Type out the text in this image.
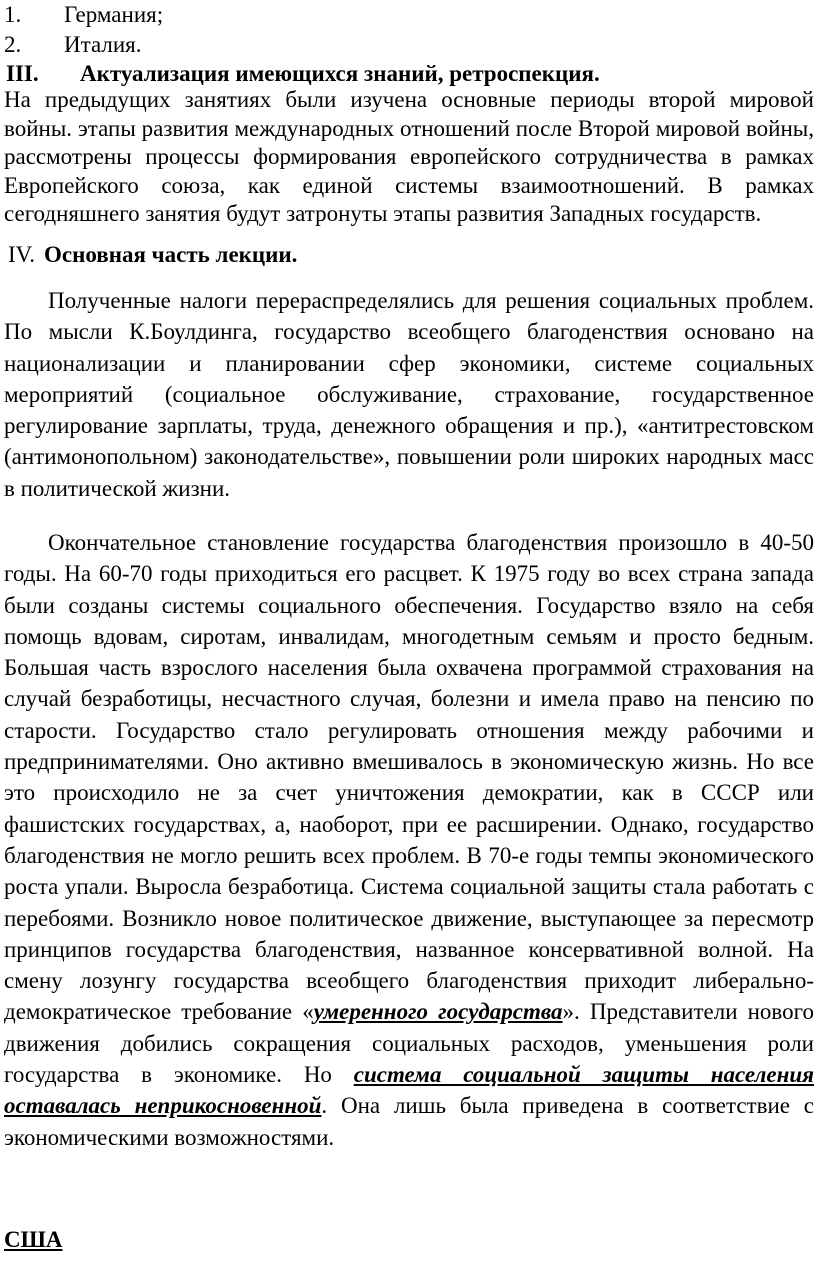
1. Германия;
2. Италия.
III. Актуализация имеющихся знаний, ретроспекция.

На предыдущих занятиях были изучена основные периоды второй мировой войны. этапы развития международных отношений после Второй мировой войны, рассмотрены процессы формирования европейского сотрудничества в рамках Европейского союза, как единой системы взаимоотношений. В рамках сегодняшнего занятия будут затронуты этапы развития Западных государств.

IV. Основная часть лекции.

Полученные налоги перераспределялись для решения социальных проблем. По мысли К.Боулдинга, государство всеобщего благоденствия основано на национализации и планировании сфер экономики, системе социальных мероприятий (социальное обслуживание, страхование, государственное регулирование зарплаты, труда, денежного обращения и пр.), «антитрестовском (антимонопольном) законодательстве», повышении роли широких народных масс в политической жизни.

Окончательное становление государства благоденствия произошло в 40-50 годы. На 60-70 годы приходиться его расцвет. К 1975 году во всех страна запада были созданы системы социального обеспечения. Государство взяло на себя помощь вдовам, сиротам, инвалидам, многодетным семьям и просто бедным. Большая часть взрослого населения была охвачена программой страхования на случай безработицы, несчастного случая, болезни и имела право на пенсию по старости. Государство стало регулировать отношения между рабочими и предпринимателями. Оно активно вмешивалось в экономическую жизнь. Но все это происходило не за счет уничтожения демократии, как в СССР или фашистских государствах, а, наоборот, при ее расширении. Однако, государство благоденствия не могло решить всех проблем. В 70-е годы темпы экономического роста упали. Выросла безработица. Система социальной защиты стала работать с перебоями. Возникло новое политическое движение, выступающее за пересмотр принципов государства благоденствия, названное консервативной волной. На смену лозунгу государства всеобщего благоденствия приходит либерально-демократическое требование «умеренного государства». Представители нового движения добились сокращения социальных расходов, уменьшения роли государства в экономике. Но система социальной защиты населения оставалась неприкосновенной. Она лишь была приведена в соответствие с экономическими возможностями.

США
